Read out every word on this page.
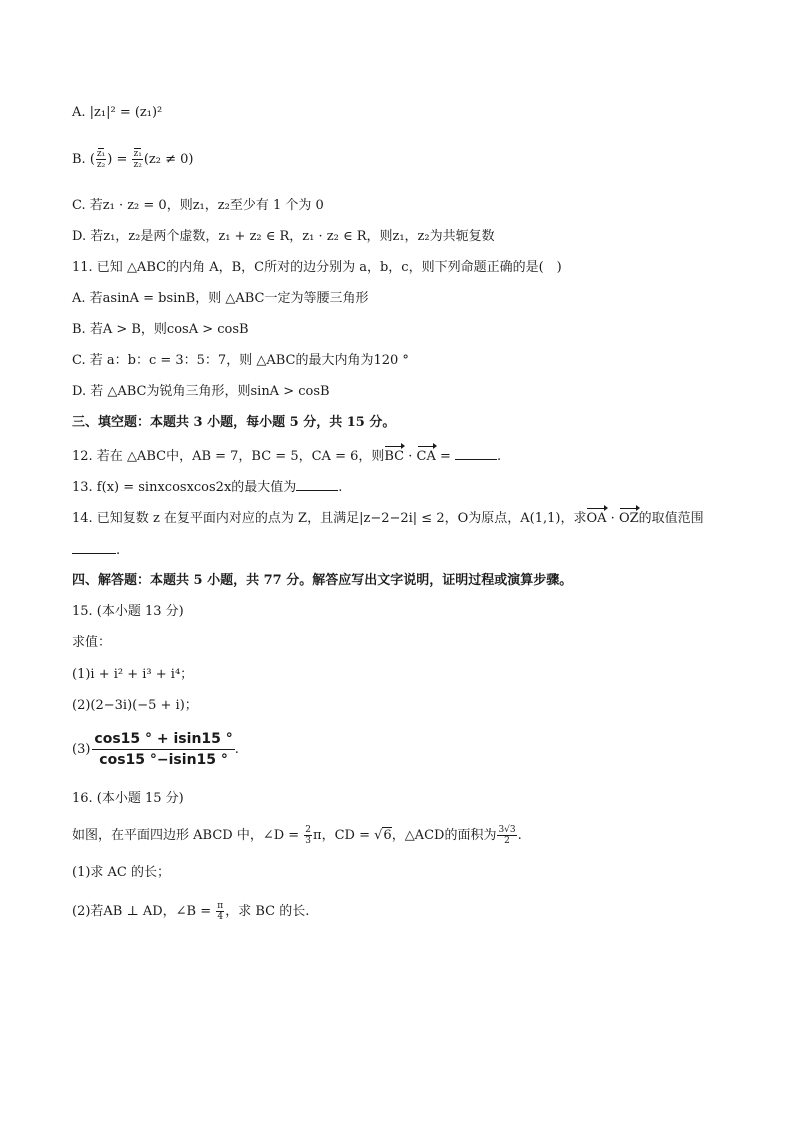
A. |z₁|² = (z₁)²
B. ( $\frac{\text{z₁}}{\text{z₂}}$ ) = $\frac{\text{z₁}}{\text{z₂}} (z_2 \ne 0)$
C. 若z₁ · z₂ = 0，则z₁，z₂至少有 1 个为 0
D. 若z₁，z₂是两个虚数，z₁ + z₂ ∈ R，z₁ · z₂ ∈ R，则z₁，z₂为共轭复数
11. 已知 △ABC的内角 A，B，C所对的边分别为 a，b，c，则下列命题正确的是(　)
A. 若asinA = bsinB，则 △ABC一定为等腰三角形
B. 若A > B，则cosA > cosB
C. 若 a：b：c = 3：5：7，则 △ABC的最大内角为120 °
D. 若 △ABC为锐角三角形，则sinA > cosB
三、填空题：本题共 3 小题，每小题 5 分，共 15 分。
12. 若在 △ABC中，AB = 7，BC = 5，CA = 6，则BC · CA =	.
13. f(x) = sinxcosxcos2x的最大值为	.
14. 已知复数 z 在复平面内对应的点为 Z，且满足|z−2−2i| ≤ 2，O为原点，A(1,1)，求OA · OZ的取值范围
.
四、解答题：本题共 5 小题，共 77 分。解答应写出文字说明，证明过程或演算步骤。
15. (本小题 13 分)
求值：
(1)i + i² + i³ + i⁴；
(2)(2−3i)(−5 + i)；
$(3) \frac{\cos 15 ^\circ + isin15 ^\circ}{\cos 15 ^\circ-isin15 ^\circ}$ .
16. (本小题 15 分)
如图，在平面四边形 ABCD 中，∠D = $\frac{2}{3}$ π，CD = √6，△ACD的面积为 $\frac{3√3}{2}$ .
(1)求 AC 的长；
(2)若AB ⊥ AD，∠B = $\frac{\pi}{4}$ ，求 BC 的长.
